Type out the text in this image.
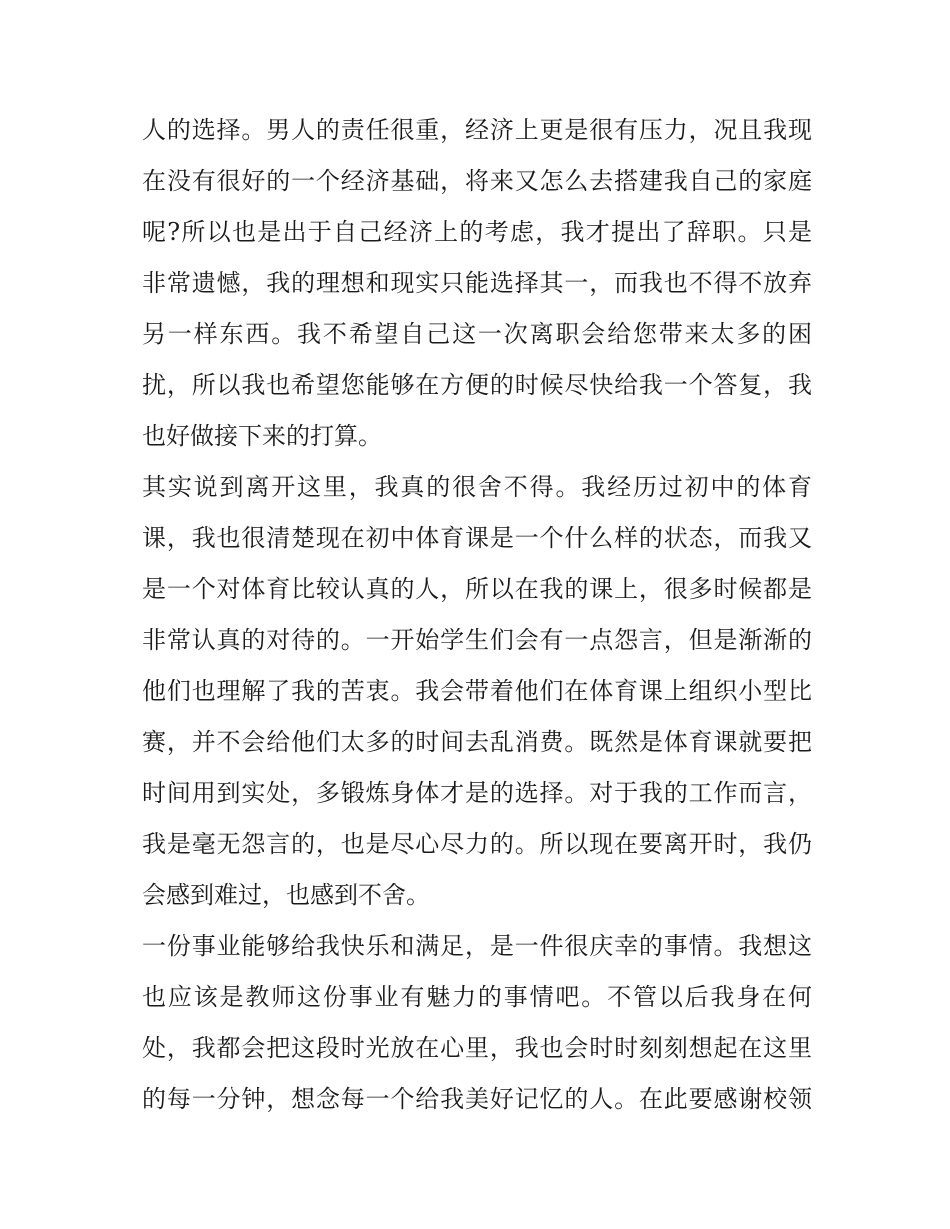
人的选择。男人的责任很重，经济上更是很有压力，况且我现
在没有很好的一个经济基础，将来又怎么去搭建我自己的家庭
呢?所以也是出于自己经济上的考虑，我才提出了辞职。只是
非常遗憾，我的理想和现实只能选择其一，而我也不得不放弃
另一样东西。我不希望自己这一次离职会给您带来太多的困
扰，所以我也希望您能够在方便的时候尽快给我一个答复，我
也好做接下来的打算。
其实说到离开这里，我真的很舍不得。我经历过初中的体育
课，我也很清楚现在初中体育课是一个什么样的状态，而我又
是一个对体育比较认真的人，所以在我的课上，很多时候都是
非常认真的对待的。一开始学生们会有一点怨言，但是渐渐的
他们也理解了我的苦衷。我会带着他们在体育课上组织小型比
赛，并不会给他们太多的时间去乱消费。既然是体育课就要把
时间用到实处，多锻炼身体才是的选择。对于我的工作而言，
我是毫无怨言的，也是尽心尽力的。所以现在要离开时，我仍
会感到难过，也感到不舍。
一份事业能够给我快乐和满足，是一件很庆幸的事情。我想这
也应该是教师这份事业有魅力的事情吧。不管以后我身在何
处，我都会把这段时光放在心里，我也会时时刻刻想起在这里
的每一分钟，想念每一个给我美好记忆的人。在此要感谢校领
